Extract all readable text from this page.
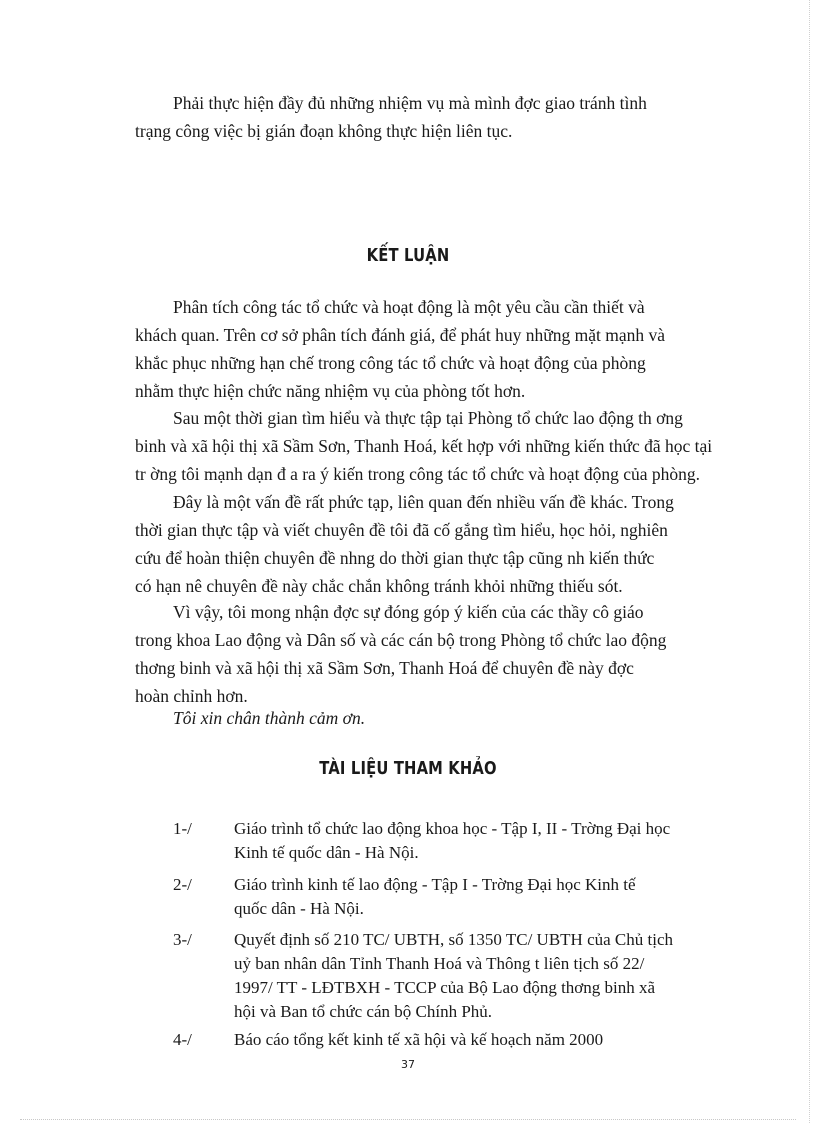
Phải thực hiện đầy đủ những nhiệm vụ mà mình đợc giao tránh tình
trạng công việc bị gián đoạn không thực hiện liên tục.

KẾT LUẬN

Phân tích công tác tổ chức và hoạt động là một yêu cầu cần thiết và
khách quan. Trên cơ sở phân tích đánh giá, để phát huy những mặt mạnh và
khắc phục những hạn chế trong công tác tổ chức và hoạt động của phòng
nhằm thực hiện chức năng nhiệm vụ của phòng tốt hơn.

Sau một thời gian tìm hiểu và thực tập tại Phòng tổ chức lao động th ơng
binh và xã hội thị xã Sầm Sơn, Thanh Hoá, kết hợp với những kiến thức đã học tại
tr ờng tôi mạnh dạn đ a ra ý kiến trong công tác tổ chức và hoạt động của phòng.

Đây là một vấn đề rất phức tạp, liên quan đến nhiều vấn đề khác. Trong
thời gian thực tập và viết chuyên đề tôi đã cố gắng tìm hiểu, học hỏi, nghiên
cứu để hoàn thiện chuyên đề nhng do thời gian thực tập cũng nh kiến thức
có hạn nê chuyên đề này chắc chắn không tránh khỏi những thiếu sót.

Vì vậy, tôi mong nhận đợc sự đóng góp ý kiến của các thầy cô giáo
trong khoa Lao động và Dân số và các cán bộ trong Phòng tổ chức lao động
thơng binh và xã hội thị xã Sầm Sơn, Thanh Hoá để chuyên đề này đợc
hoàn chỉnh hơn.

Tôi xin chân thành cảm ơn.

TÀI LIỆU THAM KHẢO
1-/ Giáo trình tổ chức lao động khoa học - Tập I, II - Trờng Đại học
Kinh tế quốc dân - Hà Nội.
2-/ Giáo trình kinh tế lao động - Tập I - Trờng Đại học Kinh tế
quốc dân - Hà Nội.
3-/ Quyết định số 210 TC/ UBTH, số 1350 TC/ UBTH của Chủ tịch
uỷ ban nhân dân Tỉnh Thanh Hoá và Thông t liên tịch số 22/
1997/ TT - LĐTBXH - TCCP của Bộ Lao động thơng binh xã
hội và Ban tổ chức cán bộ Chính Phủ.
4-/ Báo cáo tổng kết kinh tế xã hội và kế hoạch năm 2000
37
